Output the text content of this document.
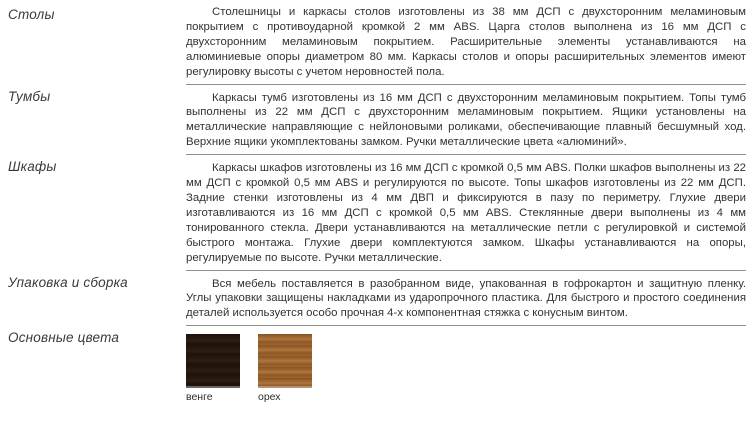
Столы	Столешницы и каркасы столов изготовлены из 38 мм ДСП с двухсторонним меламиновым покрытием с противоударной кромкой 2 мм ABS. Царга столов выполнена из 16 мм ДСП с двухсторонним меламиновым покрытием. Расширительные элементы устанавливаются на алюминиевые опоры диаметром 80 мм. Каркасы столов и опоры расширительных элементов имеют регулировку высоты с учетом неровностей пола.

Тумбы	Каркасы тумб изготовлены из 16 мм ДСП с двухсторонним меламиновым покрытием. Топы тумб выполнены из 22 мм ДСП с двухсторонним меламиновым покрытием. Ящики установлены на металлические направляющие с нейлоновыми роликами, обеспечивающие плавный бесшумный ход. Верхние ящики укомплектованы замком. Ручки металлические цвета «алюминий».

Шкафы	Каркасы шкафов изготовлены из 16 мм ДСП с кромкой 0,5 мм ABS. Полки шкафов выполнены из 22 мм ДСП с кромкой 0,5 мм ABS и регулируются по высоте. Топы шкафов изготовлены из 22 мм ДСП. Задние стенки изготовлены из 4 мм ДВП и фиксируются в пазу по периметру. Глухие двери изготавливаются из 16 мм ДСП с кромкой 0,5 мм ABS. Стеклянные двери выполнены из 4 мм тонированного стекла. Двери устанавливаются на металлические петли с регулировкой и системой быстрого монтажа. Глухие двери комплектуются замком. Шкафы устанавливаются на опоры, регулируемые по высоте. Ручки металлические.

Упаковка и сборка	Вся мебель поставляется в разобранном виде, упакованная в гофрокартон и защитную пленку. Углы упаковки защищены накладками из ударопрочного пластика. Для быстрого и простого соединения деталей используется особо прочная 4-х компонентная стяжка с конусным винтом.

Основные цвета
венге	орех
